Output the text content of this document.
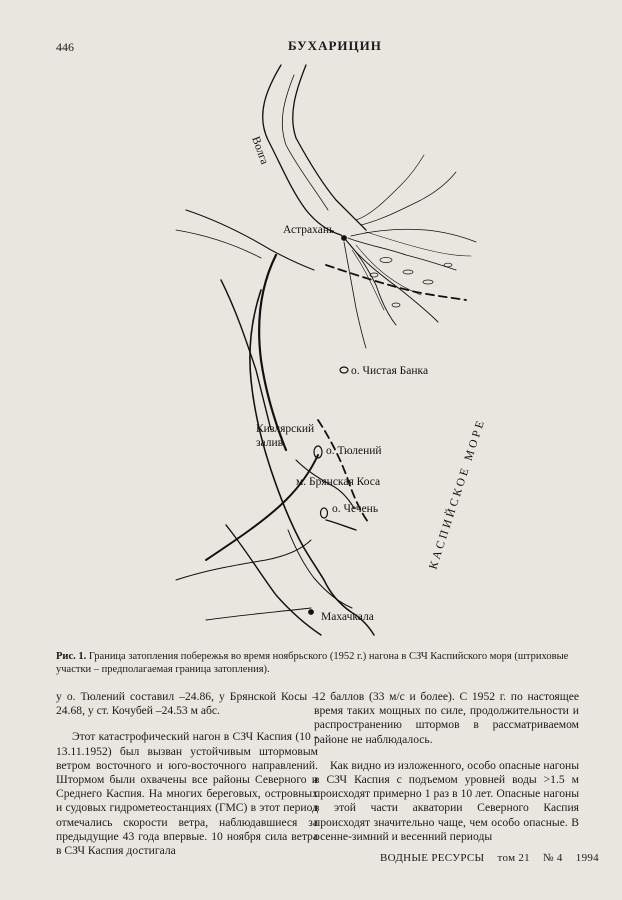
446	БУХАРИЦИН
Волга
Астрахань
о. Чистая Банка
КАСПИЙСКОЕ МОРЕ
Кизлярский
залив
о. Тюлений
м. Брянская Коса
о. Чечень
Махачкала
Рис. 1. Граница затопления побережья во время ноябрьского (1952 г.) нагона в СЗЧ Каспийского моря (штриховые участки – предполагаемая граница затопления).

у о. Тюлений составил –24.86, у Брянской Косы –24.68, у ст. Кочубей –24.53 м абс.

Этот катастрофический нагон в СЗЧ Каспия (10 - 13.11.1952) был вызван устойчивым штормовым ветром восточного и юго-восточного направлений. Штормом были охвачены все районы Северного и Среднего Каспия. На многих береговых, островных и судовых гидрометеостанциях (ГМС) в этот период отмечались скорости ветра, наблюдавшиеся за предыдущие 43 года впервые. 10 ноября сила ветра в СЗЧ Каспия достигала

12 баллов (33 м/с и более). С 1952 г. по настоящее время таких мощных по силе, продолжительности и распространению штормов в рассматриваемом районе не наблюдалось.

Как видно из изложенного, особо опасные нагоны в СЗЧ Каспия с подъемом уровней воды >1.5 м происходят примерно 1 раз в 10 лет. Опасные нагоны в этой части акватории Северного Каспия происходят значительно чаще, чем особо опасные. В осенне-зимний и весенний периоды

ВОДНЫЕ РЕСУРСЫ том 21 № 4 1994
